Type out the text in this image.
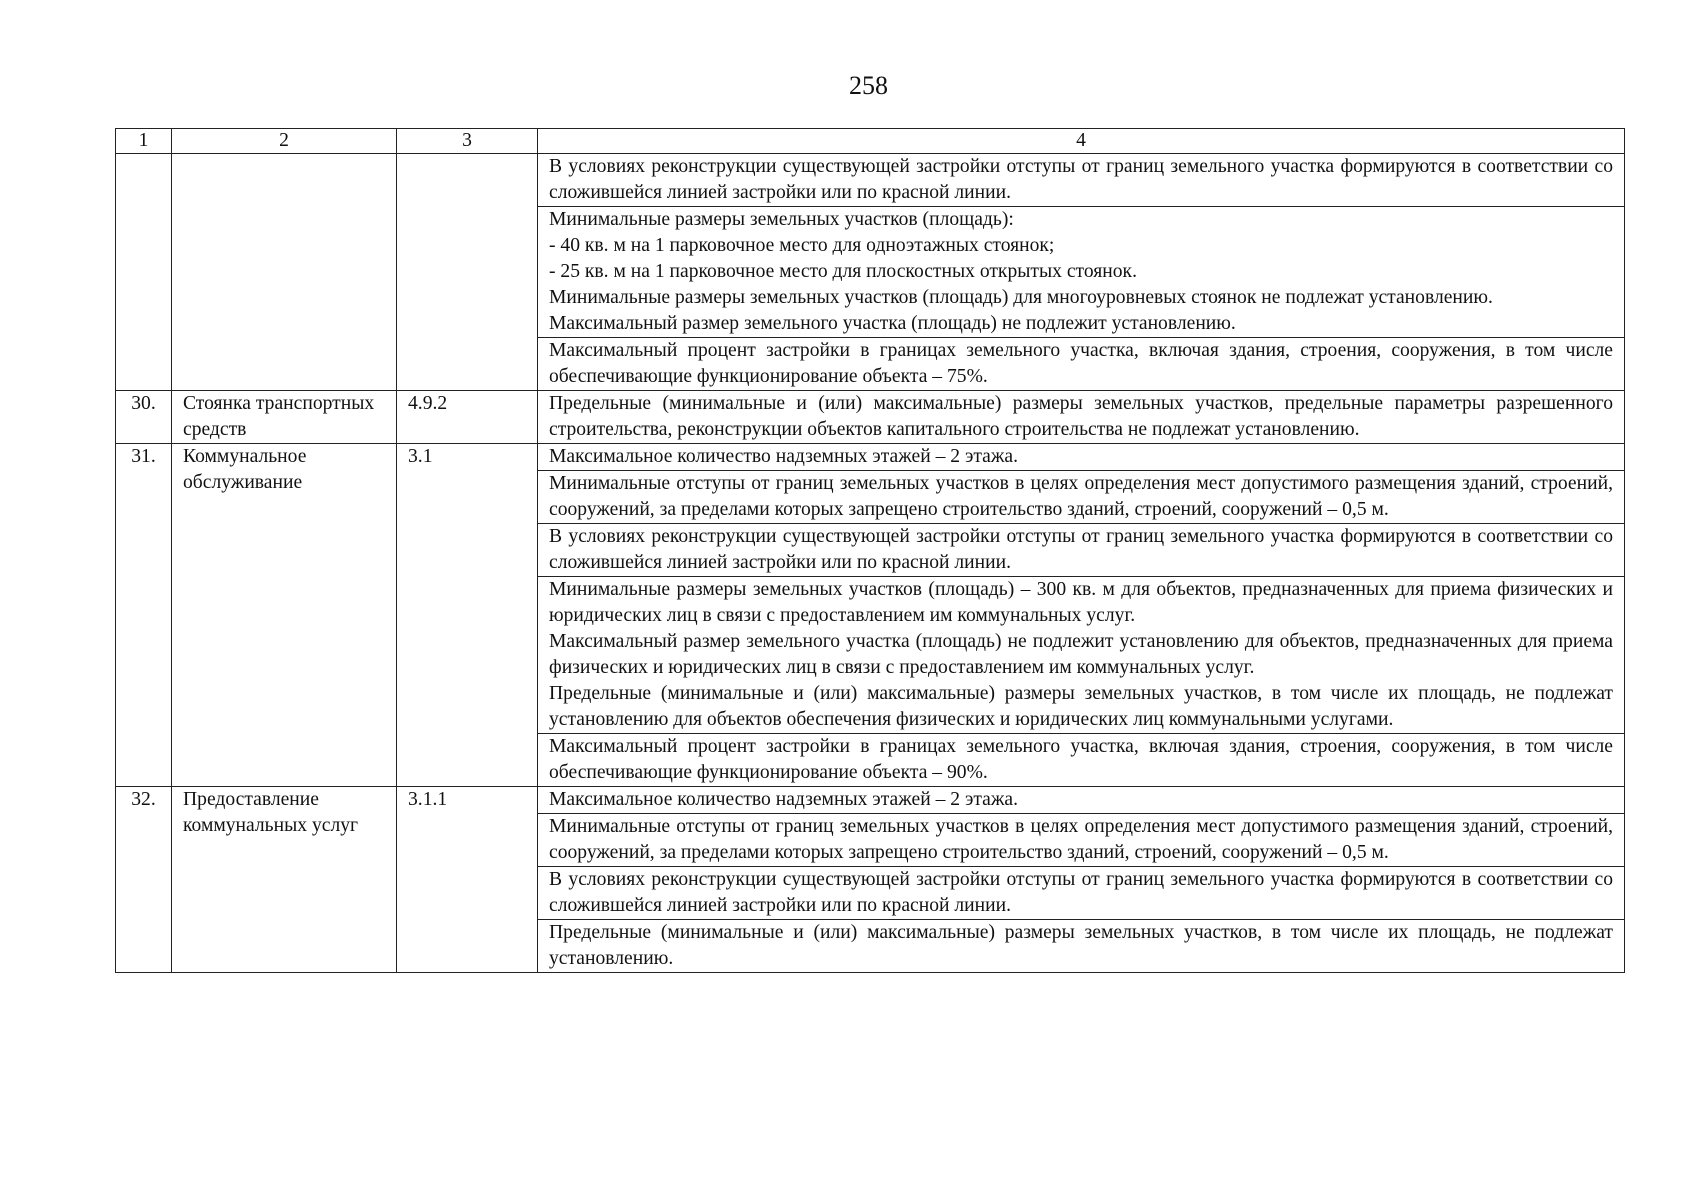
258
1	2	3	4

			В условиях реконструкции существующей застройки отступы от границ земельного участка формируются в соответствии со сложившейся линией застройки или по красной линии.

			Минимальные размеры земельных участков (площадь):
- 40 кв. м на 1 парковочное место для одноэтажных стоянок;
- 25 кв. м на 1 парковочное место для плоскостных открытых стоянок.
Минимальные размеры земельных участков (площадь) для многоуровневых стоянок не подлежат установлению.
Максимальный размер земельного участка (площадь) не подлежит установлению.

			Максимальный процент застройки в границах земельного участка, включая здания, строения, сооружения, в том числе обеспечивающие функционирование объекта – 75%.

30.	Стоянка транспортных средств	4.9.2	Предельные (минимальные и (или) максимальные) размеры земельных участков, предельные параметры разрешенного строительства, реконструкции объектов капитального строительства не подлежат установлению.

31.	Коммунальное обслуживание	3.1	Максимальное количество надземных этажей – 2 этажа.

			Минимальные отступы от границ земельных участков в целях определения мест допустимого размещения зданий, строений, сооружений, за пределами которых запрещено строительство зданий, строений, сооружений – 0,5 м.

			В условиях реконструкции существующей застройки отступы от границ земельного участка формируются в соответствии со сложившейся линией застройки или по красной линии.

			Минимальные размеры земельных участков (площадь) – 300 кв. м для объектов, предназначенных для приема физических и юридических лиц в связи с предоставлением им коммунальных услуг.
Максимальный размер земельного участка (площадь) не подлежит установлению для объектов, предназначенных для приема физических и юридических лиц в связи с предоставлением им коммунальных услуг.
Предельные (минимальные и (или) максимальные) размеры земельных участков, в том числе их площадь, не подлежат установлению для объектов обеспечения физических и юридических лиц коммунальными услугами.

			Максимальный процент застройки в границах земельного участка, включая здания, строения, сооружения, в том числе обеспечивающие функционирование объекта – 90%.

32.	Предоставление коммунальных услуг	3.1.1	Максимальное количество надземных этажей – 2 этажа.

			Минимальные отступы от границ земельных участков в целях определения мест допустимого размещения зданий, строений, сооружений, за пределами которых запрещено строительство зданий, строений, сооружений – 0,5 м.

			В условиях реконструкции существующей застройки отступы от границ земельного участка формируются в соответствии со сложившейся линией застройки или по красной линии.

			Предельные (минимальные и (или) максимальные) размеры земельных участков, в том числе их площадь, не подлежат установлению.
